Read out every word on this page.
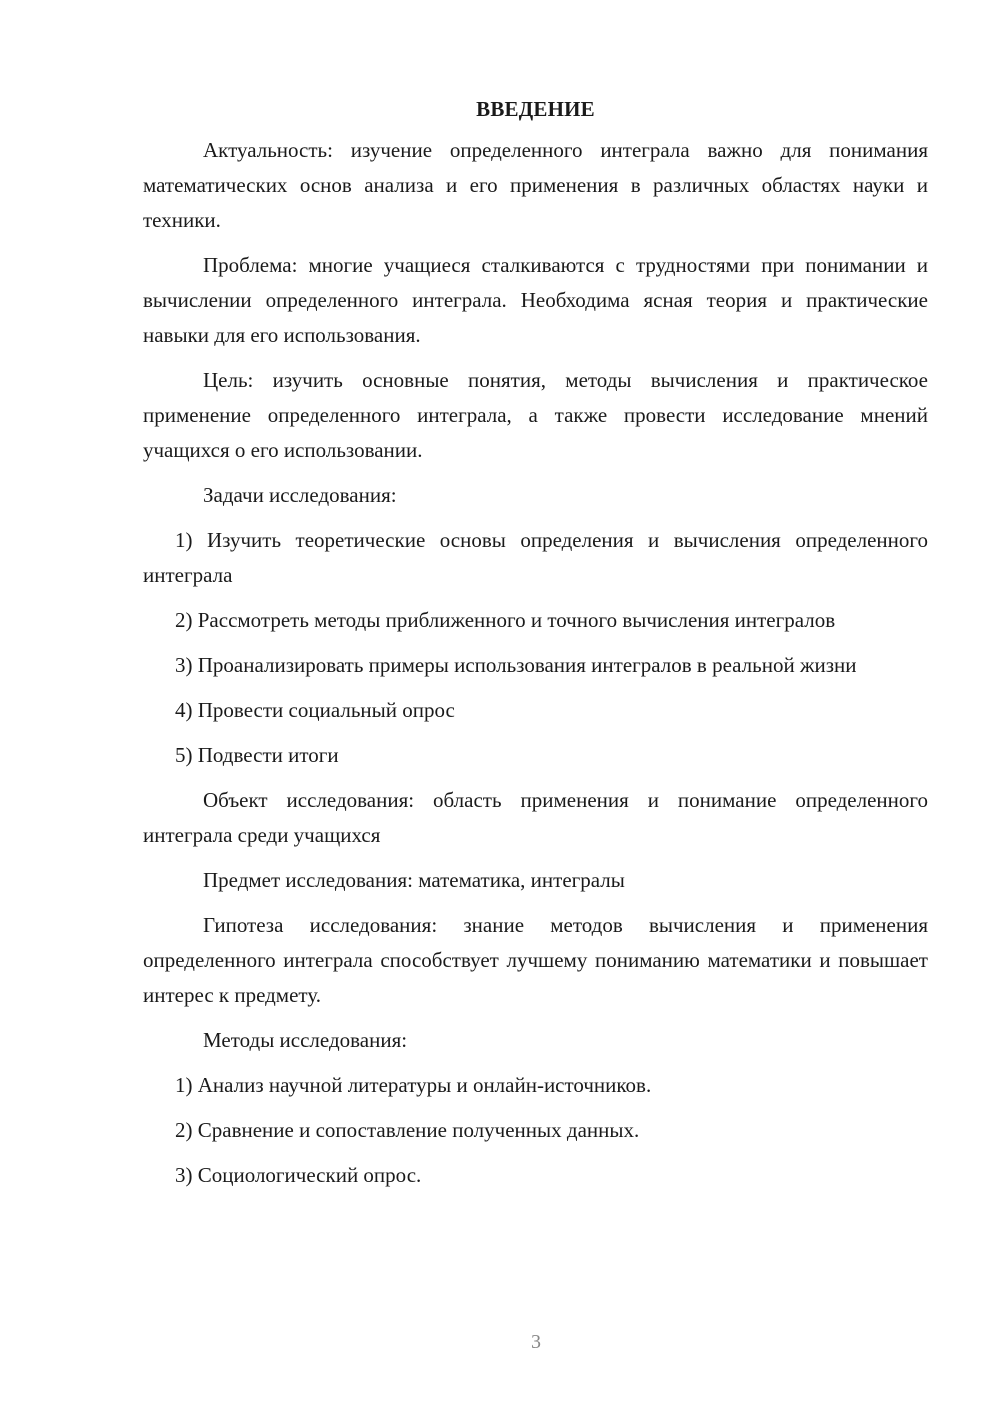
ВВЕДЕНИЕ

Актуальность: изучение определенного интеграла важно для понимания математических основ анализа и его применения в различных областях науки и техники.

Проблема: многие учащиеся сталкиваются с трудностями при понимании и вычислении определенного интеграла. Необходима ясная теория и практические навыки для его использования.

Цель: изучить основные понятия, методы вычисления и практическое применение определенного интеграла, а также провести исследование мнений учащихся о его использовании.

Задачи исследования:

1) Изучить теоретические основы определения и вычисления определенного интеграла

2) Рассмотреть методы приближенного и точного вычисления интегралов

3) Проанализировать примеры использования интегралов в реальной жизни

4) Провести социальный опрос

5) Подвести итоги

Объект исследования: область применения и понимание определенного интеграла среди учащихся

Предмет исследования: математика, интегралы

Гипотеза исследования: знание методов вычисления и применения определенного интеграла способствует лучшему пониманию математики и повышает интерес к предмету.

Методы исследования:

1) Анализ научной литературы и онлайн-источников.

2) Сравнение и сопоставление полученных данных.

3) Социологический опрос.

3
